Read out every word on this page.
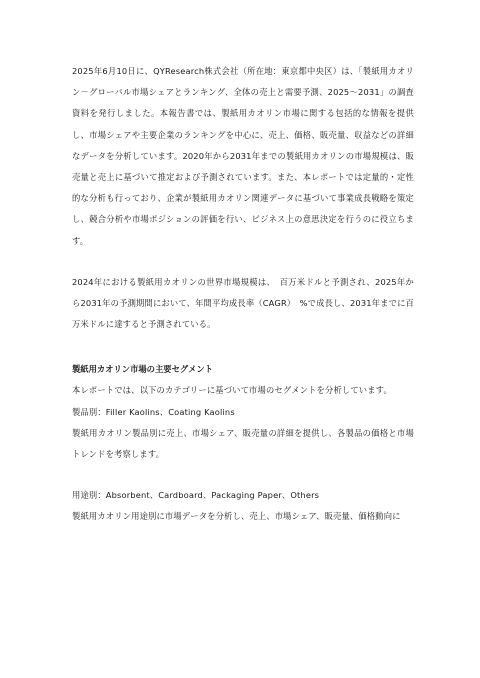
2025年6月10日に、QYResearch株式会社（所在地：東京都中央区）は、「製紙用カオリン－グローバル市場シェアとランキング、全体の売上と需要予測、2025～2031」の調査資料を発行しました。本報告書では、製紙用カオリン市場に関する包括的な情報を提供し、市場シェアや主要企業のランキングを中心に、売上、価格、販売量、収益などの詳細なデータを分析しています。2020年から2031年までの製紙用カオリンの市場規模は、販売量と売上に基づいて推定および予測されています。また、本レポートでは定量的・定性的な分析も行っており、企業が製紙用カオリン関連データに基づいて事業成長戦略を策定し、競合分析や市場ポジションの評価を行い、ビジネス上の意思決定を行うのに役立ちます。

2024年における製紙用カオリンの世界市場規模は、　百万米ドルと予測され、2025年から2031年の予測期間において、年間平均成長率（CAGR）　%で成長し、2031年までに百万米ドルに達すると予測されている。

製紙用カオリン市場の主要セグメント

本レポートでは、以下のカテゴリーに基づいて市場のセグメントを分析しています。

製品別：Filler Kaolins、Coating Kaolins

製紙用カオリン製品別に売上、市場シェア、販売量の詳細を提供し、各製品の価格と市場トレンドを考察します。

用途別：Absorbent、Cardboard、Packaging Paper、Others

製紙用カオリン用途別に市場データを分析し、売上、市場シェア、販売量、価格動向に
